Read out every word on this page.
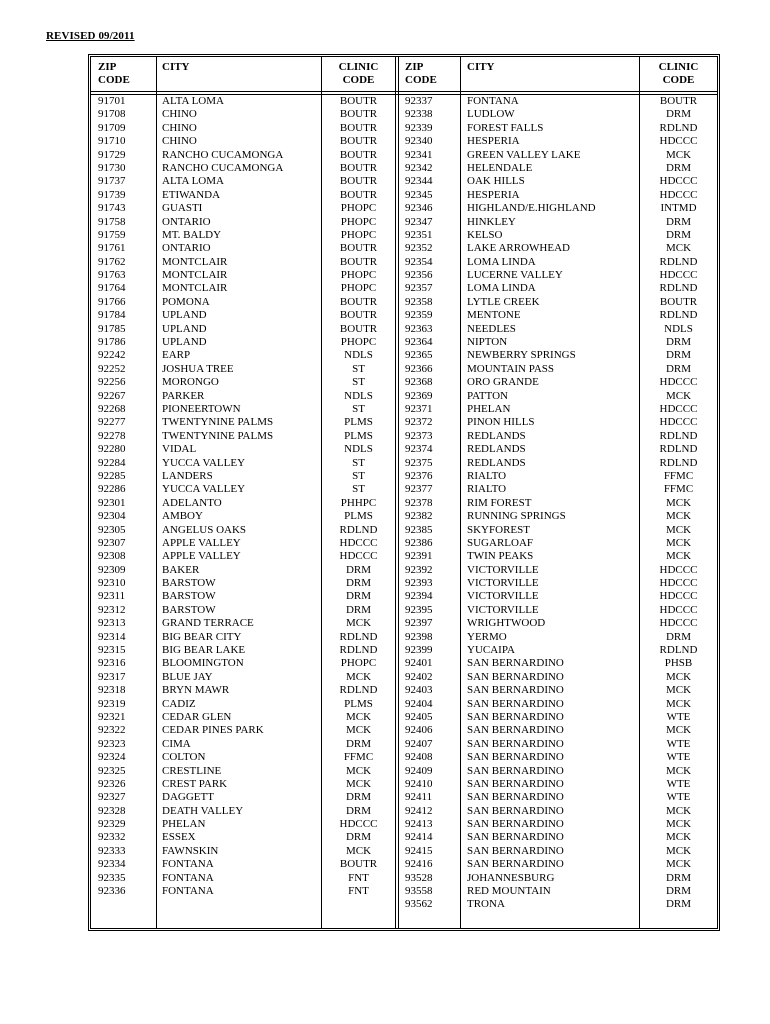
REVISED 09/2011
ZIP
CODE
CITY	CLINIC
CODE
ZIP
CODE
CITY	CLINIC
CODE
91701
91708
91709
91710
91729
91730
91737
91739
91743
91758
91759
91761
91762
91763
91764
91766
91784
91785
91786
92242
92252
92256
92267
92268
92277
92278
92280
92284
92285
92286
92301
92304
92305
92307
92308
92309
92310
92311
92312
92313
92314
92315
92316
92317
92318
92319
92321
92322
92323
92324
92325
92326
92327
92328
92329
92332
92333
92334
92335
92336
ALTA LOMA
CHINO
CHINO
CHINO
RANCHO CUCAMONGA
RANCHO CUCAMONGA
ALTA LOMA
ETIWANDA
GUASTI
ONTARIO
MT. BALDY
ONTARIO
MONTCLAIR
MONTCLAIR
MONTCLAIR
POMONA
UPLAND
UPLAND
UPLAND
EARP
JOSHUA TREE
MORONGO
PARKER
PIONEERTOWN
TWENTYNINE PALMS
TWENTYNINE PALMS
VIDAL
YUCCA VALLEY
LANDERS
YUCCA VALLEY
ADELANTO
AMBOY
ANGELUS OAKS
APPLE VALLEY
APPLE VALLEY
BAKER
BARSTOW
BARSTOW
BARSTOW
GRAND TERRACE
BIG BEAR CITY
BIG BEAR LAKE
BLOOMINGTON
BLUE JAY
BRYN MAWR
CADIZ
CEDAR GLEN
CEDAR PINES PARK
CIMA
COLTON
CRESTLINE
CREST PARK
DAGGETT
DEATH VALLEY
PHELAN
ESSEX
FAWNSKIN
FONTANA
FONTANA
FONTANA
BOUTR
BOUTR
BOUTR
BOUTR
BOUTR
BOUTR
BOUTR
BOUTR
PHOPC
PHOPC
PHOPC
BOUTR
BOUTR
PHOPC
PHOPC
BOUTR
BOUTR
BOUTR
PHOPC
NDLS
ST
ST
NDLS
ST
PLMS
PLMS
NDLS
ST
ST
ST
PHHPC
PLMS
RDLND
HDCCC
HDCCC
DRM
DRM
DRM
DRM
MCK
RDLND
RDLND
PHOPC
MCK
RDLND
PLMS
MCK
MCK
DRM
FFMC
MCK
MCK
DRM
DRM
HDCCC
DRM
MCK
BOUTR
FNT
FNT
92337
92338
92339
92340
92341
92342
92344
92345
92346
92347
92351
92352
92354
92356
92357
92358
92359
92363
92364
92365
92366
92368
92369
92371
92372
92373
92374
92375
92376
92377
92378
92382
92385
92386
92391
92392
92393
92394
92395
92397
92398
92399
92401
92402
92403
92404
92405
92406
92407
92408
92409
92410
92411
92412
92413
92414
92415
92416
93528
93558
93562
FONTANA
LUDLOW
FOREST FALLS
HESPERIA
GREEN VALLEY LAKE
HELENDALE
OAK HILLS
HESPERIA
HIGHLAND/E.HIGHLAND
HINKLEY
KELSO
LAKE ARROWHEAD
LOMA LINDA
LUCERNE VALLEY
LOMA LINDA
LYTLE CREEK
MENTONE
NEEDLES
NIPTON
NEWBERRY SPRINGS
MOUNTAIN PASS
ORO GRANDE
PATTON
PHELAN
PINON HILLS
REDLANDS
REDLANDS
REDLANDS
RIALTO
RIALTO
RIM FOREST
RUNNING SPRINGS
SKYFOREST
SUGARLOAF
TWIN PEAKS
VICTORVILLE
VICTORVILLE
VICTORVILLE
VICTORVILLE
WRIGHTWOOD
YERMO
YUCAIPA
SAN BERNARDINO
SAN BERNARDINO
SAN BERNARDINO
SAN BERNARDINO
SAN BERNARDINO
SAN BERNARDINO
SAN BERNARDINO
SAN BERNARDINO
SAN BERNARDINO
SAN BERNARDINO
SAN BERNARDINO
SAN BERNARDINO
SAN BERNARDINO
SAN BERNARDINO
SAN BERNARDINO
SAN BERNARDINO
JOHANNESBURG
RED MOUNTAIN
TRONA
BOUTR
DRM
RDLND
HDCCC
MCK
DRM
HDCCC
HDCCC
INTMD
DRM
DRM
MCK
RDLND
HDCCC
RDLND
BOUTR
RDLND
NDLS
DRM
DRM
DRM
HDCCC
MCK
HDCCC
HDCCC
RDLND
RDLND
RDLND
FFMC
FFMC
MCK
MCK
MCK
MCK
MCK
HDCCC
HDCCC
HDCCC
HDCCC
HDCCC
DRM
RDLND
PHSB
MCK
MCK
MCK
WTE
MCK
WTE
WTE
MCK
WTE
WTE
MCK
MCK
MCK
MCK
MCK
DRM
DRM
DRM
